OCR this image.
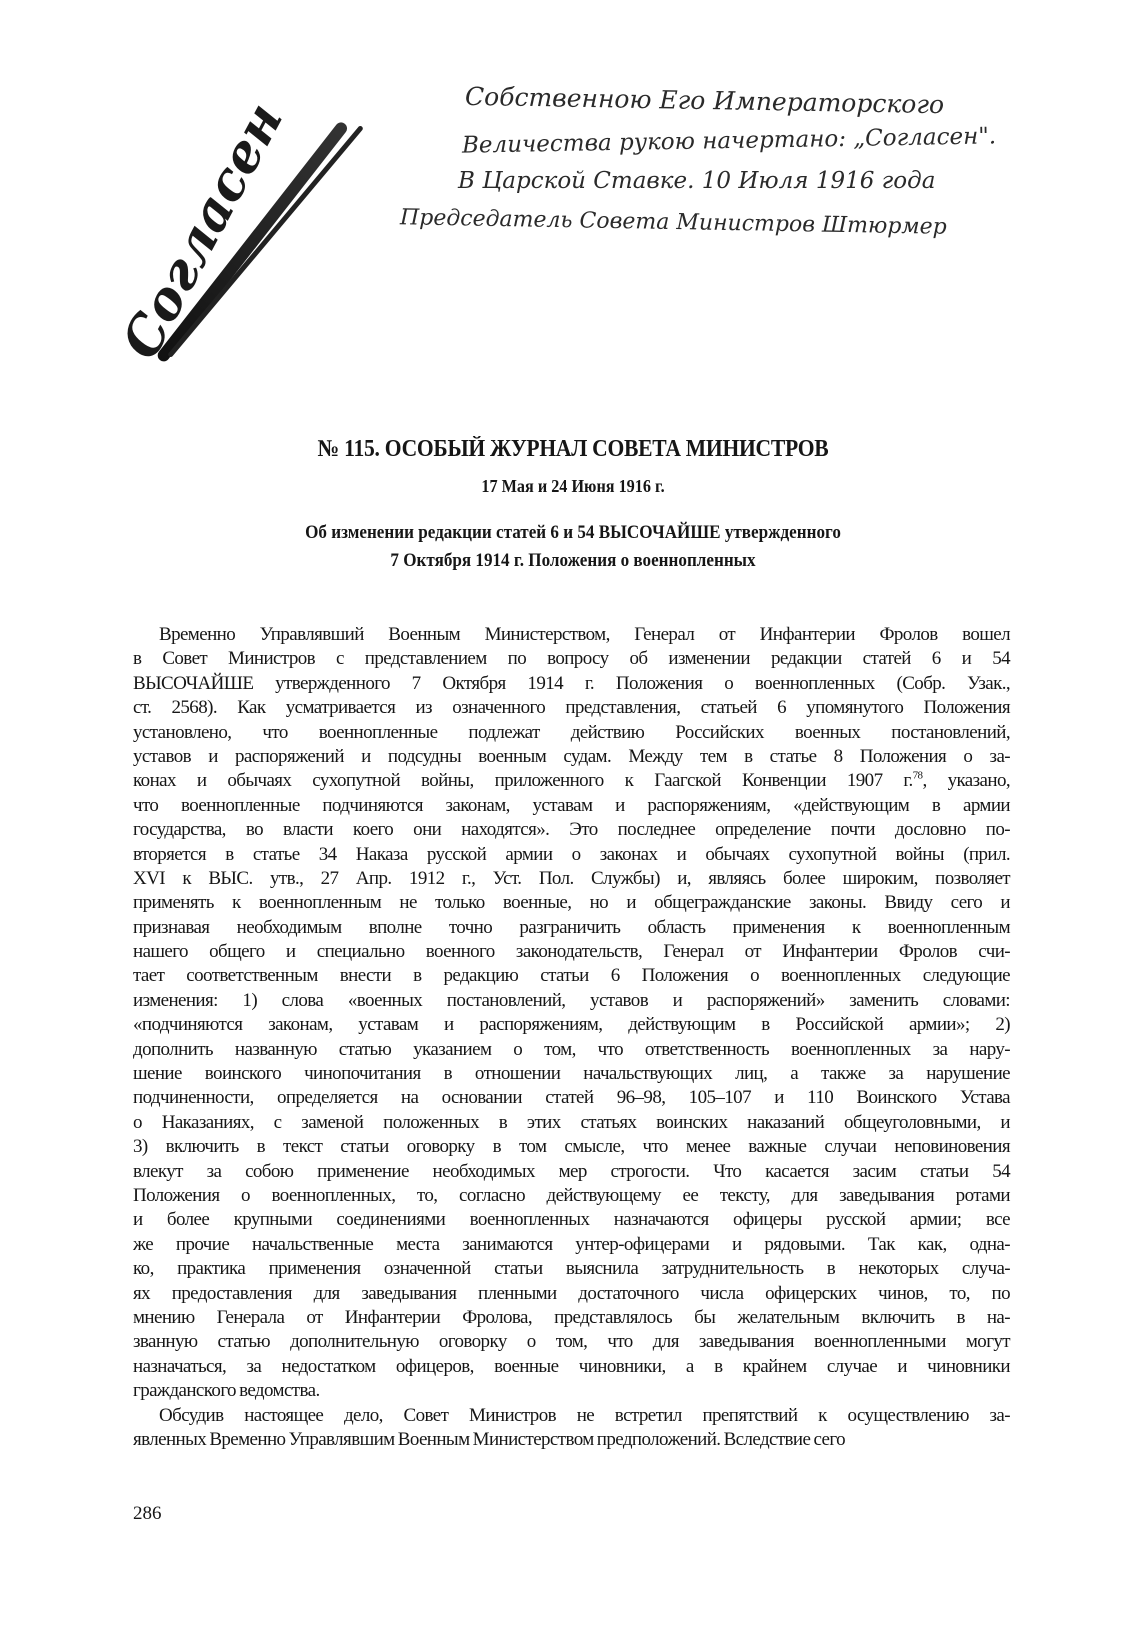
Собственною Его Императорского
Величества рукою начертано: „Согласен".
В Царской Ставке. 10 Июля 1916 года
Председатель Совета Министров Штюрмер
Согласен
№ 115. ОСОБЫЙ ЖУРНАЛ СОВЕТА МИНИСТРОВ
17 Мая и 24 Июня 1916 г.
Об изменении редакции статей 6 и 54 ВЫСОЧАЙШЕ утвержденного
7 Октября 1914 г. Положения о военнопленных
Временно Управлявший Военным Министерством, Генерал от Инфантерии Фролов вошел
в Совет Министров с представлением по вопросу об изменении редакции статей 6 и 54
ВЫСОЧАЙШЕ утвержденного 7 Октября 1914 г. Положения о военнопленных (Собр. Узак.,
ст. 2568). Как усматривается из означенного представления, статьей 6 упомянутого Положения
установлено, что военнопленные подлежат действию Российских военных постановлений,
уставов и распоряжений и подсудны военным судам. Между тем в статье 8 Положения о за-
конах и обычаях сухопутной войны, приложенного к Гаагской Конвенции 1907 г.$^{78}$, указано,
что военнопленные подчиняются законам, уставам и распоряжениям, «действующим в армии
государства, во власти коего они находятся». Это последнее определение почти дословно по-
вторяется в статье 34 Наказа русской армии о законах и обычаях сухопутной войны (прил.
XVI к ВЫС. утв., 27 Апр. 1912 г., Уст. Пол. Службы) и, являясь более широким, позволяет
применять к военнопленным не только военные, но и общегражданские законы. Ввиду сего и
признавая необходимым вполне точно разграничить область применения к военнопленным
нашего общего и специально военного законодательств, Генерал от Инфантерии Фролов счи-
тает соответственным внести в редакцию статьи 6 Положения о военнопленных следующие
изменения: 1) слова «военных постановлений, уставов и распоряжений» заменить словами:
«подчиняются законам, уставам и распоряжениям, действующим в Российской армии»; 2)
дополнить названную статью указанием о том, что ответственность военнопленных за нару-
шение воинского чинопочитания в отношении начальствующих лиц, а также за нарушение
подчиненности, определяется на основании статей 96–98, 105–107 и 110 Воинского Устава
о Наказаниях, с заменой положенных в этих статьях воинских наказаний общеуголовными, и
3) включить в текст статьи оговорку в том смысле, что менее важные случаи неповиновения
влекут за собою применение необходимых мер строгости. Что касается засим статьи 54
Положения о военнопленных, то, согласно действующему ее тексту, для заведывания ротами
и более крупными соединениями военнопленных назначаются офицеры русской армии; все
же прочие начальственные места занимаются унтер-офицерами и рядовыми. Так как, одна-
ко, практика применения означенной статьи выяснила затруднительность в некоторых случа-
ях предоставления для заведывания пленными достаточного числа офицерских чинов, то, по
мнению Генерала от Инфантерии Фролова, представлялось бы желательным включить в на-
званную статью дополнительную оговорку о том, что для заведывания военнопленными могут
назначаться, за недостатком офицеров, военные чиновники, а в крайнем случае и чиновники
гражданского ведомства.
Обсудив настоящее дело, Совет Министров не встретил препятствий к осуществлению за-
явленных Временно Управлявшим Военным Министерством предположений. Вследствие сего
286
